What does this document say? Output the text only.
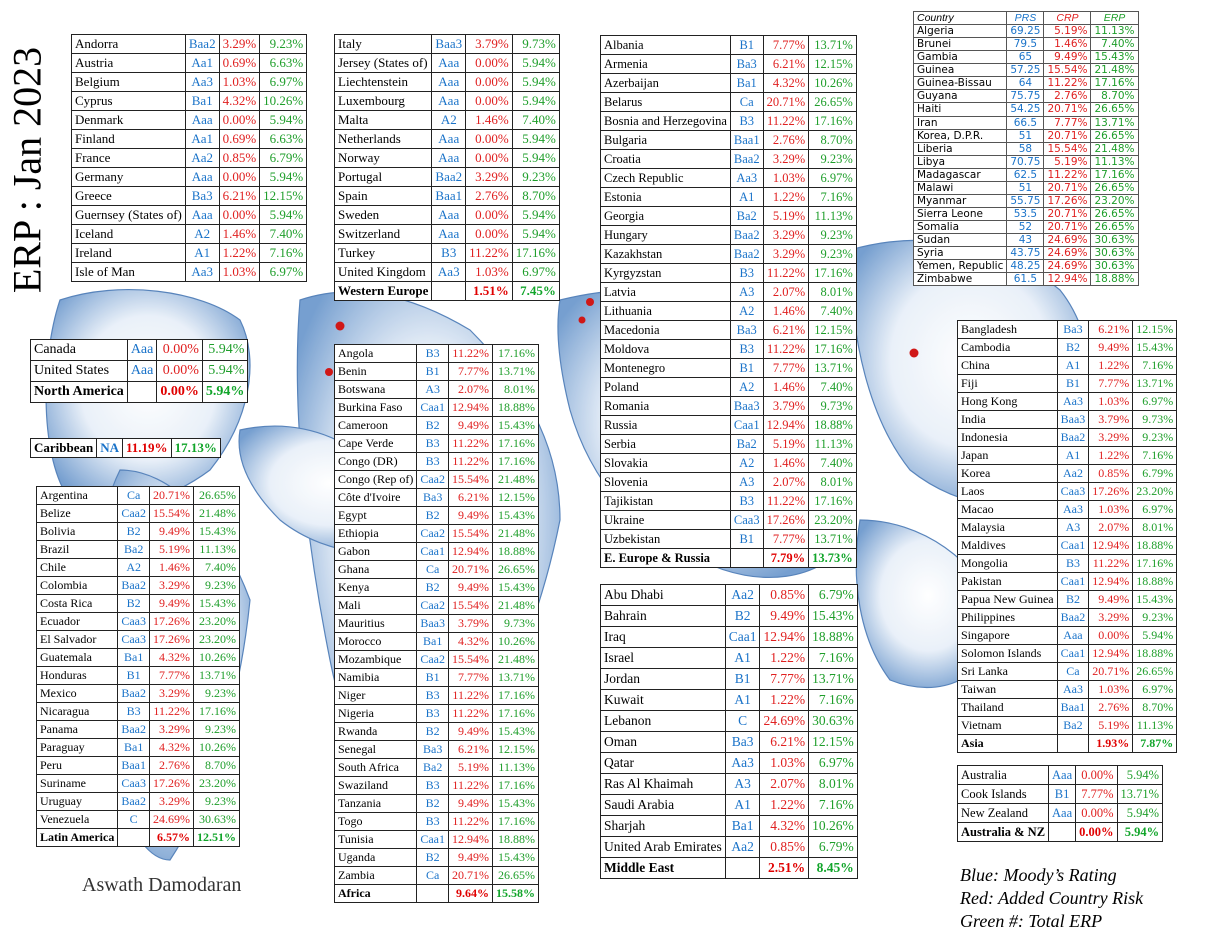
ERP : Jan 2023
Andorra	Baa2	3.29%	9.23%
Austria	Aa1	0.69%	6.63%
Belgium	Aa3	1.03%	6.97%
Cyprus	Ba1	4.32%	10.26%
Denmark	Aaa	0.00%	5.94%
Finland	Aa1	0.69%	6.63%
France	Aa2	0.85%	6.79%
Germany	Aaa	0.00%	5.94%
Greece	Ba3	6.21%	12.15%
Guernsey (States of)	Aaa	0.00%	5.94%
Iceland	A2	1.46%	7.40%
Ireland	A1	1.22%	7.16%
Isle of Man	Aa3	1.03%	6.97%
Italy	Baa3	3.79%	9.73%
Jersey (States of)	Aaa	0.00%	5.94%
Liechtenstein	Aaa	0.00%	5.94%
Luxembourg	Aaa	0.00%	5.94%
Malta	A2	1.46%	7.40%
Netherlands	Aaa	0.00%	5.94%
Norway	Aaa	0.00%	5.94%
Portugal	Baa2	3.29%	9.23%
Spain	Baa1	2.76%	8.70%
Sweden	Aaa	0.00%	5.94%
Switzerland	Aaa	0.00%	5.94%
Turkey	B3	11.22%	17.16%
United Kingdom	Aa3	1.03%	6.97%
Western Europe		1.51%	7.45%
Canada	Aaa	0.00%	5.94%
United States	Aaa	0.00%	5.94%
North America		0.00%	5.94%
Caribbean	NA	11.19%	17.13%
Argentina	Ca	20.71%	26.65%
Belize	Caa2	15.54%	21.48%
Bolivia	B2	9.49%	15.43%
Brazil	Ba2	5.19%	11.13%
Chile	A2	1.46%	7.40%
Colombia	Baa2	3.29%	9.23%
Costa Rica	B2	9.49%	15.43%
Ecuador	Caa3	17.26%	23.20%
El Salvador	Caa3	17.26%	23.20%
Guatemala	Ba1	4.32%	10.26%
Honduras	B1	7.77%	13.71%
Mexico	Baa2	3.29%	9.23%
Nicaragua	B3	11.22%	17.16%
Panama	Baa2	3.29%	9.23%
Paraguay	Ba1	4.32%	10.26%
Peru	Baa1	2.76%	8.70%
Suriname	Caa3	17.26%	23.20%
Uruguay	Baa2	3.29%	9.23%
Venezuela	C	24.69%	30.63%
Latin America		6.57%	12.51%
Angola	B3	11.22%	17.16%
Benin	B1	7.77%	13.71%
Botswana	A3	2.07%	8.01%
Burkina Faso	Caa1	12.94%	18.88%
Cameroon	B2	9.49%	15.43%
Cape Verde	B3	11.22%	17.16%
Congo (DR)	B3	11.22%	17.16%
Congo (Rep of)	Caa2	15.54%	21.48%
Côte d'Ivoire	Ba3	6.21%	12.15%
Egypt	B2	9.49%	15.43%
Ethiopia	Caa2	15.54%	21.48%
Gabon	Caa1	12.94%	18.88%
Ghana	Ca	20.71%	26.65%
Kenya	B2	9.49%	15.43%
Mali	Caa2	15.54%	21.48%
Mauritius	Baa3	3.79%	9.73%
Morocco	Ba1	4.32%	10.26%
Mozambique	Caa2	15.54%	21.48%
Namibia	B1	7.77%	13.71%
Niger	B3	11.22%	17.16%
Nigeria	B3	11.22%	17.16%
Rwanda	B2	9.49%	15.43%
Senegal	Ba3	6.21%	12.15%
South Africa	Ba2	5.19%	11.13%
Swaziland	B3	11.22%	17.16%
Tanzania	B2	9.49%	15.43%
Togo	B3	11.22%	17.16%
Tunisia	Caa1	12.94%	18.88%
Uganda	B2	9.49%	15.43%
Zambia	Ca	20.71%	26.65%
Africa		9.64%	15.58%
Albania	B1	7.77%	13.71%
Armenia	Ba3	6.21%	12.15%
Azerbaijan	Ba1	4.32%	10.26%
Belarus	Ca	20.71%	26.65%
Bosnia and Herzegovina	B3	11.22%	17.16%
Bulgaria	Baa1	2.76%	8.70%
Croatia	Baa2	3.29%	9.23%
Czech Republic	Aa3	1.03%	6.97%
Estonia	A1	1.22%	7.16%
Georgia	Ba2	5.19%	11.13%
Hungary	Baa2	3.29%	9.23%
Kazakhstan	Baa2	3.29%	9.23%
Kyrgyzstan	B3	11.22%	17.16%
Latvia	A3	2.07%	8.01%
Lithuania	A2	1.46%	7.40%
Macedonia	Ba3	6.21%	12.15%
Moldova	B3	11.22%	17.16%
Montenegro	B1	7.77%	13.71%
Poland	A2	1.46%	7.40%
Romania	Baa3	3.79%	9.73%
Russia	Caa1	12.94%	18.88%
Serbia	Ba2	5.19%	11.13%
Slovakia	A2	1.46%	7.40%
Slovenia	A3	2.07%	8.01%
Tajikistan	B3	11.22%	17.16%
Ukraine	Caa3	17.26%	23.20%
Uzbekistan	B1	7.77%	13.71%
E. Europe & Russia		7.79%	13.73%
Abu Dhabi	Aa2	0.85%	6.79%
Bahrain	B2	9.49%	15.43%
Iraq	Caa1	12.94%	18.88%
Israel	A1	1.22%	7.16%
Jordan	B1	7.77%	13.71%
Kuwait	A1	1.22%	7.16%
Lebanon	C	24.69%	30.63%
Oman	Ba3	6.21%	12.15%
Qatar	Aa3	1.03%	6.97%
Ras Al Khaimah	A3	2.07%	8.01%
Saudi Arabia	A1	1.22%	7.16%
Sharjah	Ba1	4.32%	10.26%
United Arab Emirates	Aa2	0.85%	6.79%
Middle East		2.51%	8.45%
Country	PRS	CRP	ERP
Algeria	69.25	5.19%	11.13%
Brunei	79.5	1.46%	7.40%
Gambia	65	9.49%	15.43%
Guinea	57.25	15.54%	21.48%
Guinea-Bissau	64	11.22%	17.16%
Guyana	75.75	2.76%	8.70%
Haiti	54.25	20.71%	26.65%
Iran	66.5	7.77%	13.71%
Korea, D.P.R.	51	20.71%	26.65%
Liberia	58	15.54%	21.48%
Libya	70.75	5.19%	11.13%
Madagascar	62.5	11.22%	17.16%
Malawi	51	20.71%	26.65%
Myanmar	55.75	17.26%	23.20%
Sierra Leone	53.5	20.71%	26.65%
Somalia	52	20.71%	26.65%
Sudan	43	24.69%	30.63%
Syria	43.75	24.69%	30.63%
Yemen, Republic	48.25	24.69%	30.63%
Zimbabwe	61.5	12.94%	18.88%
Bangladesh	Ba3	6.21%	12.15%
Cambodia	B2	9.49%	15.43%
China	A1	1.22%	7.16%
Fiji	B1	7.77%	13.71%
Hong Kong	Aa3	1.03%	6.97%
India	Baa3	3.79%	9.73%
Indonesia	Baa2	3.29%	9.23%
Japan	A1	1.22%	7.16%
Korea	Aa2	0.85%	6.79%
Laos	Caa3	17.26%	23.20%
Macao	Aa3	1.03%	6.97%
Malaysia	A3	2.07%	8.01%
Maldives	Caa1	12.94%	18.88%
Mongolia	B3	11.22%	17.16%
Pakistan	Caa1	12.94%	18.88%
Papua New Guinea	B2	9.49%	15.43%
Philippines	Baa2	3.29%	9.23%
Singapore	Aaa	0.00%	5.94%
Solomon Islands	Caa1	12.94%	18.88%
Sri Lanka	Ca	20.71%	26.65%
Taiwan	Aa3	1.03%	6.97%
Thailand	Baa1	2.76%	8.70%
Vietnam	Ba2	5.19%	11.13%
Asia		1.93%	7.87%
Australia	Aaa	0.00%	5.94%
Cook Islands	B1	7.77%	13.71%
New Zealand	Aaa	0.00%	5.94%
Australia & NZ		0.00%	5.94%
Aswath Damodaran	Blue: Moody’s Rating
Red: Added Country Risk
Green #: Total ERP
